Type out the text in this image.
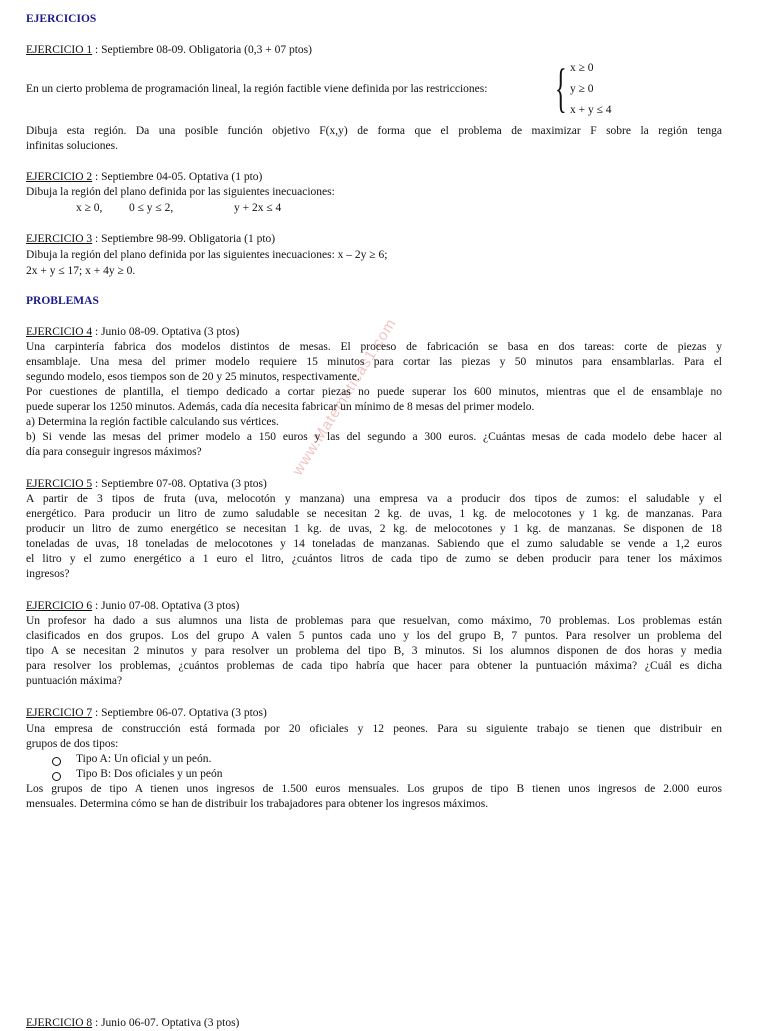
www.Matematicas1.com
EJERCICIOS
EJERCICIO 1 : Septiembre 08-09. Obligatoria (0,3 + 07 ptos)
En un cierto problema de programación lineal, la región factible viene definida por las restricciones: { x ≥ 0
y ≥ 0
x + y ≤ 4
Dibuja esta región. Da una posible función objetivo F(x,y) de forma que el problema de maximizar F sobre la región tenga
infinitas soluciones.
EJERCICIO 2 : Septiembre 04-05. Optativa (1 pto)
Dibuja la región del plano definida por las siguientes inecuaciones:
x ≥ 0, 0 ≤ y ≤ 2,	y + 2x ≤ 4
EJERCICIO 3 : Septiembre 98-99. Obligatoria (1 pto)
Dibuja la región del plano definida por las siguientes inecuaciones: x – 2y ≥ 6;
2x + y ≤ 17; x + 4y ≥ 0.
PROBLEMAS
EJERCICIO 4 : Junio 08-09. Optativa (3 ptos)
Una carpintería fabrica dos modelos distintos de mesas. El proceso de fabricación se basa en dos tareas: corte de piezas y
ensamblaje. Una mesa del primer modelo requiere 15 minutos para cortar las piezas y 50 minutos para ensamblarlas. Para el
segundo modelo, esos tiempos son de 20 y 25 minutos, respectivamente.
Por cuestiones de plantilla, el tiempo dedicado a cortar piezas no puede superar los 600 minutos, mientras que el de ensamblaje no
puede superar los 1250 minutos. Además, cada día necesita fabricar un mínimo de 8 mesas del primer modelo.
a) Determina la región factible calculando sus vértices.
b) Si vende las mesas del primer modelo a 150 euros y las del segundo a 300 euros. ¿Cuántas mesas de cada modelo debe hacer al
día para conseguir ingresos máximos?
EJERCICIO 5 : Septiembre 07-08. Optativa (3 ptos)
A partir de 3 tipos de fruta (uva, melocotón y manzana) una empresa va a producir dos tipos de zumos: el saludable y el
energético. Para producir un litro de zumo saludable se necesitan 2 kg. de uvas, 1 kg. de melocotones y 1 kg. de manzanas. Para
producir un litro de zumo energético se necesitan 1 kg. de uvas, 2 kg. de melocotones y 1 kg. de manzanas. Se disponen de 18
toneladas de uvas, 18 toneladas de melocotones y 14 toneladas de manzanas. Sabiendo que el zumo saludable se vende a 1,2 euros
el litro y el zumo energético a 1 euro el litro, ¿cuántos litros de cada tipo de zumo se deben producir para tener los máximos
ingresos?
EJERCICIO 6 : Junio 07-08. Optativa (3 ptos)
Un profesor ha dado a sus alumnos una lista de problemas para que resuelvan, como máximo, 70 problemas. Los problemas están
clasificados en dos grupos. Los del grupo A valen 5 puntos cada uno y los del grupo B, 7 puntos. Para resolver un problema del
tipo A se necesitan 2 minutos y para resolver un problema del tipo B, 3 minutos. Si los alumnos disponen de dos horas y media
para resolver los problemas, ¿cuántos problemas de cada tipo habría que hacer para obtener la puntuación máxima? ¿Cuál es dicha
puntuación máxima?
EJERCICIO 7 : Septiembre 06-07. Optativa (3 ptos)
Una empresa de construcción está formada por 20 oficiales y 12 peones. Para su siguiente trabajo se tienen que distribuir en
grupos de dos tipos:
Tipo A: Un oficial y un peón.
Tipo B: Dos oficiales y un peón
Los grupos de tipo A tienen unos ingresos de 1.500 euros mensuales. Los grupos de tipo B tienen unos ingresos de 2.000 euros
mensuales. Determina cómo se han de distribuir los trabajadores para obtener los ingresos máximos.
EJERCICIO 8 : Junio 06-07. Optativa (3 ptos)
